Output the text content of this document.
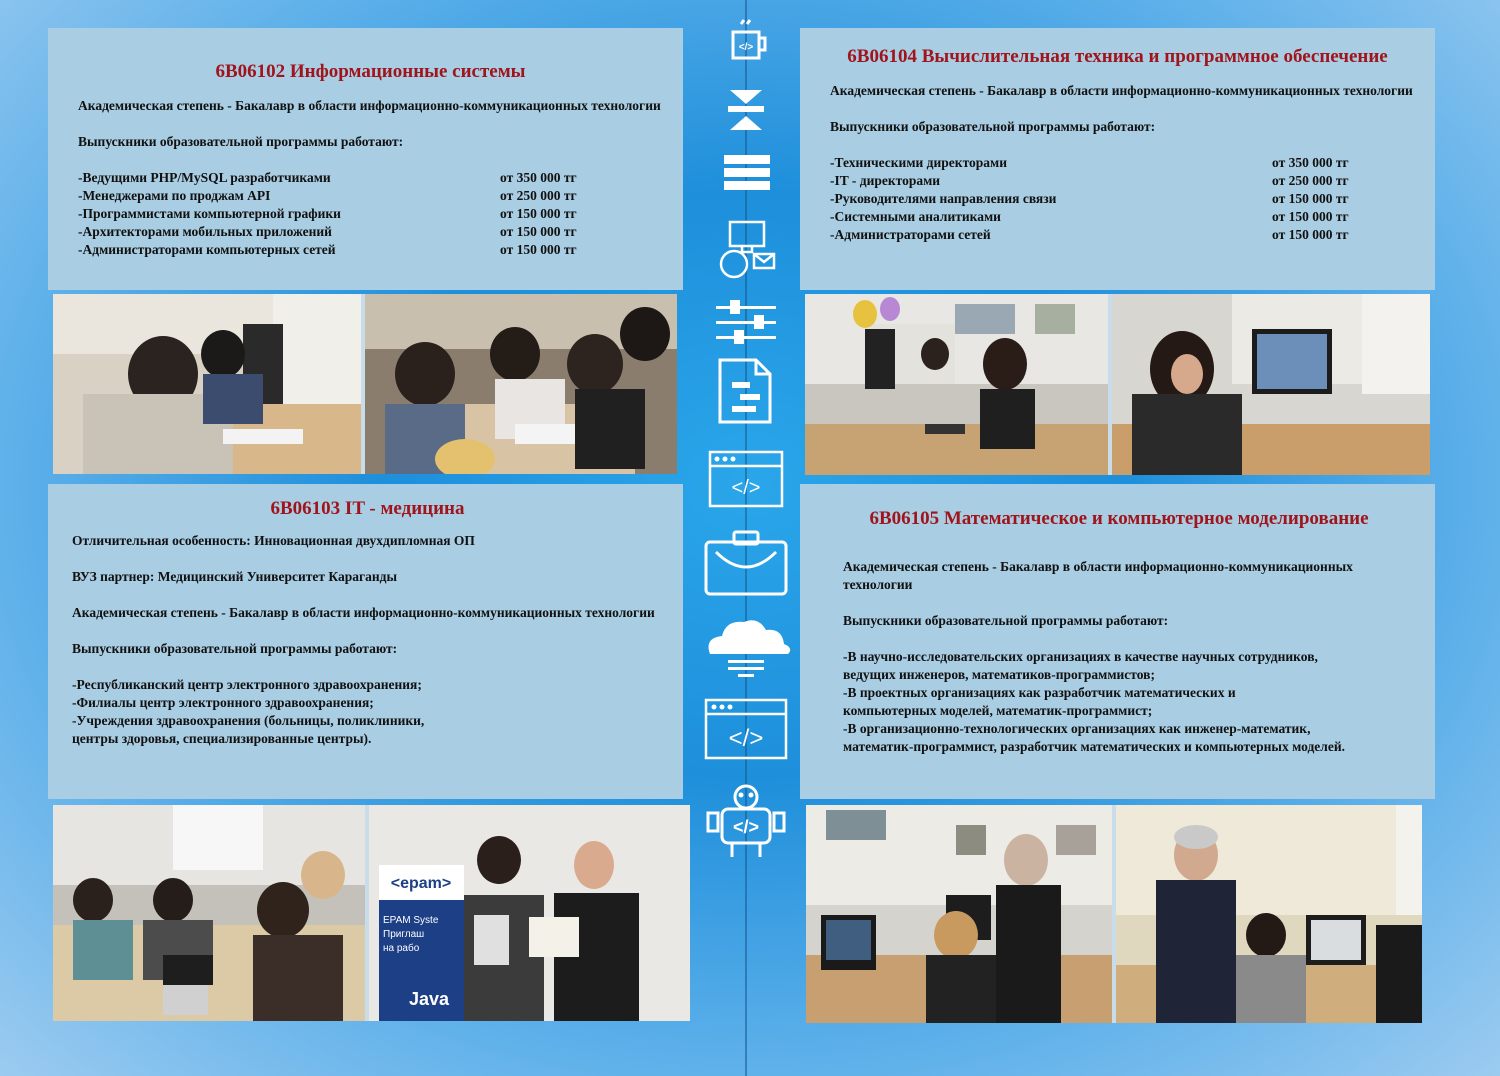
6В06102 Информационные системы

Академическая степень - Бакалавр в области информационно-коммуникационных технологии

Выпускники образовательной программы работают:

-Ведущими PHP/MySQL разработчиками	от 350 000 тг
-Менеджерами по проджам API	от 250 000 тг
-Программистами компьютерной графики	от 150 000 тг
-Архитекторами мобильных приложений	от 150 000 тг
-Администраторами компьютерных сетей	от 150 000 тг
6В06103 IT - медицина

Отличительная особенность: Инновационная двухдипломная ОП

ВУЗ партнер: Медицинский Университет Караганды

Академическая степень - Бакалавр в области информационно-коммуникационных технологии

Выпускники образовательной программы работают:

-Республиканский центр электронного здравоохранения;

-Филиалы центр электронного здравоохранения;

-Учреждения здравоохранения (больницы, поликлиники,

центры здоровья, специализированные центры).

<epam>
EPAM Syste
Приглаш
на рабо
Java
6В06104 Вычислительная техника и программное обеспечение

Академическая степень - Бакалавр в области информационно-коммуникационных технологии

Выпускники образовательной программы работают:

-Техническими директорами	от 350 000 тг
-IT - директорами	от 250 000 тг
-Руководителями направления связи	от 150 000 тг
-Системными аналитиками	от 150 000 тг
-Администраторами сетей	от 150 000 тг
6В06105 Математическое и компьютерное моделирование

Академическая степень - Бакалавр в области информационно-коммуникационных технологии

Выпускники образовательной программы работают:

-В научно-исследовательских организациях в качестве научных сотрудников,

ведущих инженеров, математиков-программистов;

-В проектных организациях как разработчик математических и

компьютерных моделей, математик-программист;

-В организационно-технологических организациях как инженер-математик,

математик-программист, разработчик математических и компьютерных моделей.

</>
</>
</>
</>
